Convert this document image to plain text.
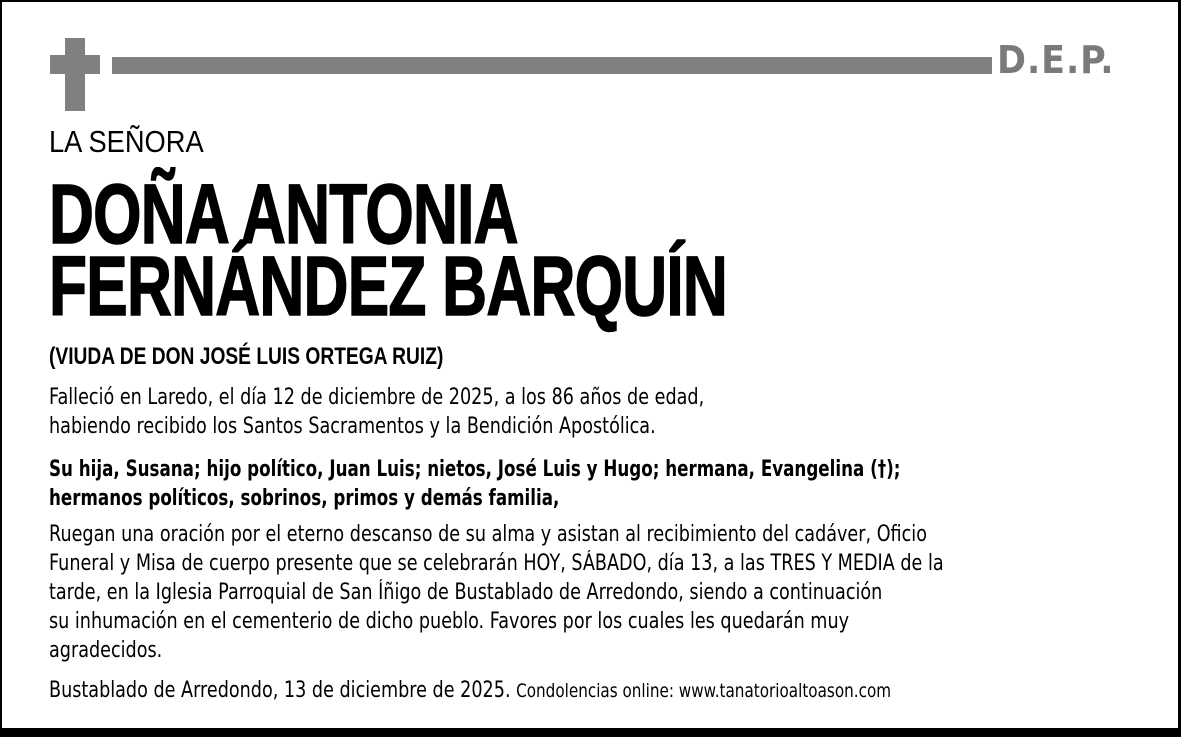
D.E.P.
LA SEÑORA
DOÑA ANTONIA
FERNÁNDEZ BARQUÍN
(VIUDA DE DON JOSÉ LUIS ORTEGA RUIZ)
Falleció en Laredo, el día 12 de diciembre de 2025, a los 86 años de edad,
habiendo recibido los Santos Sacramentos y la Bendición Apostólica.
Su hija, Susana; hijo político, Juan Luis; nietos, José Luis y Hugo; hermana, Evangelina (†);
hermanos políticos, sobrinos, primos y demás familia,
Ruegan una oración por el eterno descanso de su alma y asistan al recibimiento del cadáver, Oficio
Funeral y Misa de cuerpo presente que se celebrarán HOY, SÁBADO, día 13, a las TRES Y MEDIA de la
tarde, en la Iglesia Parroquial de San Íñigo de Bustablado de Arredondo, siendo a continuación
su inhumación en el cementerio de dicho pueblo. Favores por los cuales les quedarán muy
agradecidos.
Bustablado de Arredondo, 13 de diciembre de 2025. Condolencias online: www.tanatorioaltoason.com
